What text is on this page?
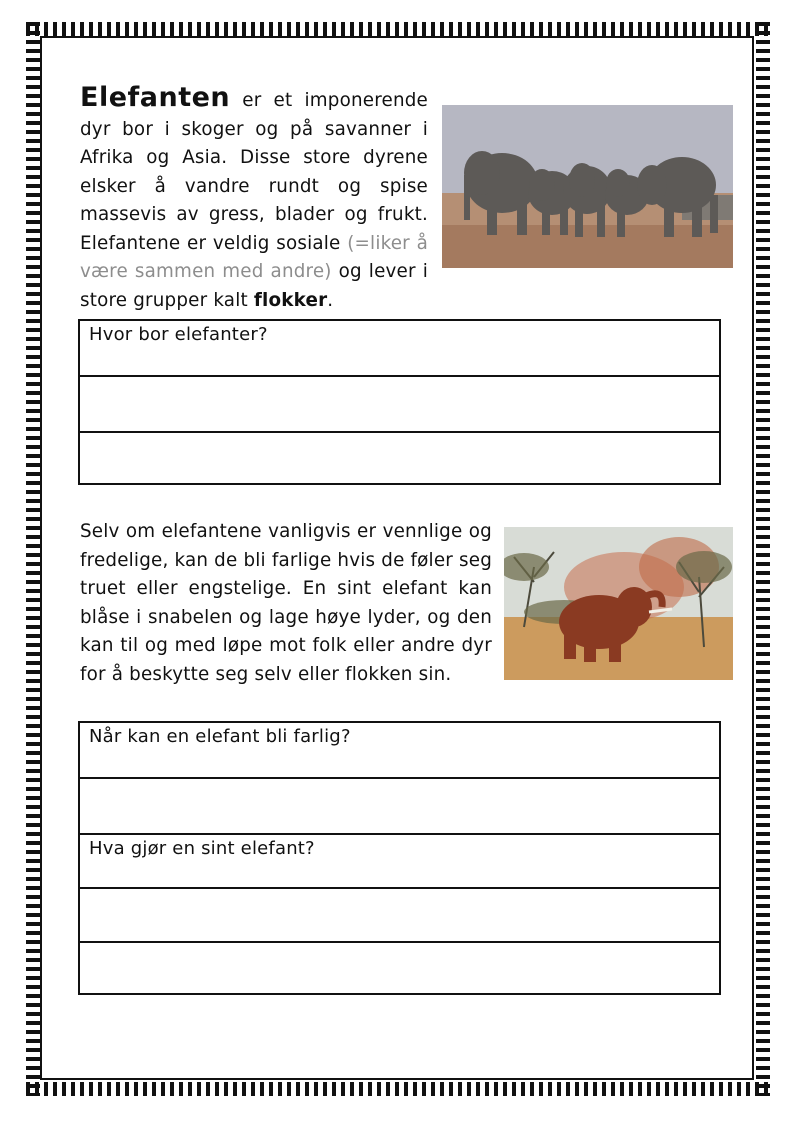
Elefanten er et imponerende dyr bor i skoger og på savanner i Afrika og Asia. Disse store dyrene elsker å vandre rundt og spise massevis av gress, blader og frukt. Elefantene er veldig sosiale (=liker å være sammen med andre) og lever i store grupper kalt flokker.

Hvor bor elefanter?

Selv om elefantene vanligvis er vennlige og fredelige, kan de bli farlige hvis de føler seg truet eller engstelige. En sint elefant kan blåse i snabelen og lage høye lyder, og den kan til og med løpe mot folk eller andre dyr for å beskytte seg selv eller flokken sin.

Når kan en elefant bli farlig?
Hva gjør en sint elefant?
